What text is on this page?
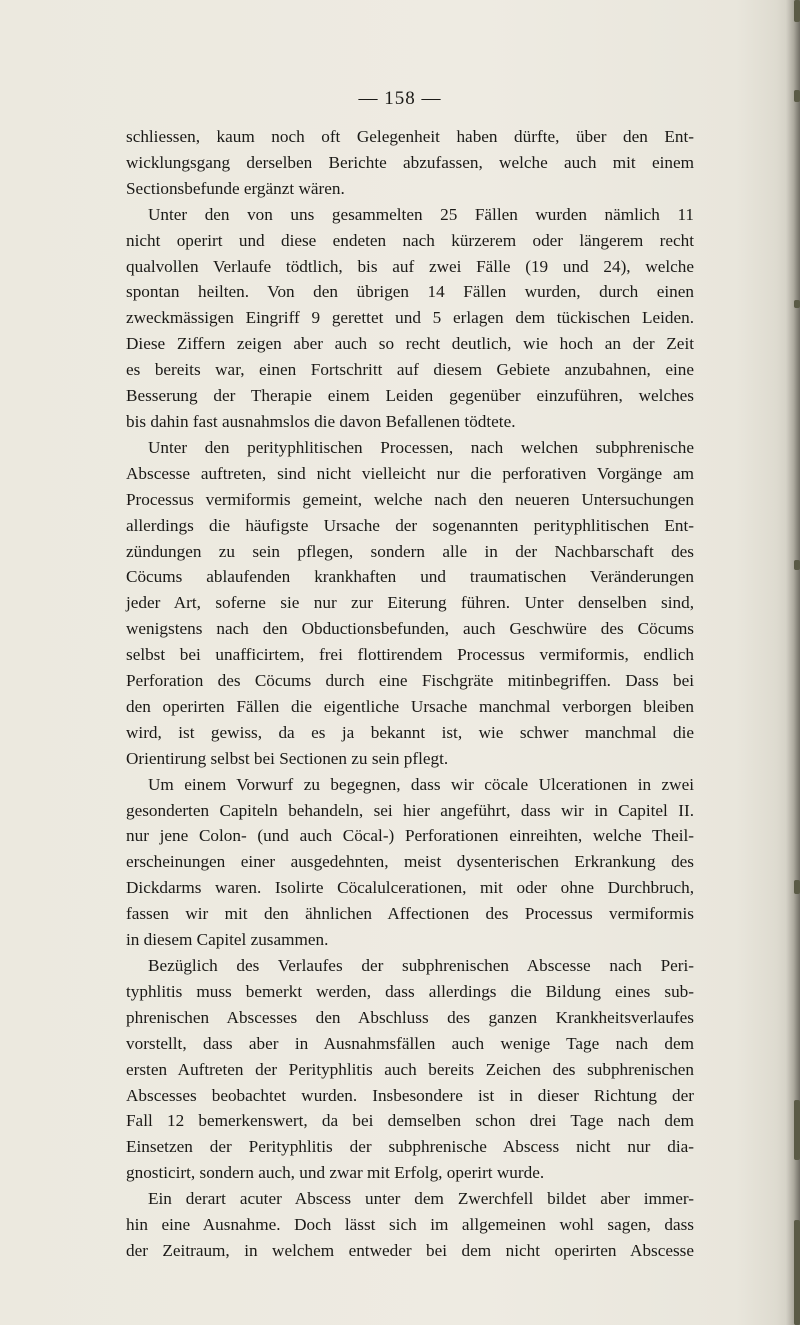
— 158 —

schliessen, kaum noch oft Gelegenheit haben dürfte, über den Ent-

wicklungsgang derselben Berichte abzufassen, welche auch mit einem

Sectionsbefunde ergänzt wären.

Unter den von uns gesammelten 25 Fällen wurden nämlich 11

nicht operirt und diese endeten nach kürzerem oder längerem recht

qualvollen Verlaufe tödtlich, bis auf zwei Fälle (19 und 24), welche

spontan heilten. Von den übrigen 14 Fällen wurden, durch einen

zweckmässigen Eingriff 9 gerettet und 5 erlagen dem tückischen Leiden.

Diese Ziffern zeigen aber auch so recht deutlich, wie hoch an der Zeit

es bereits war, einen Fortschritt auf diesem Gebiete anzubahnen, eine

Besserung der Therapie einem Leiden gegenüber einzuführen, welches

bis dahin fast ausnahmslos die davon Befallenen tödtete.

Unter den perityphlitischen Processen, nach welchen subphrenische

Abscesse auftreten, sind nicht vielleicht nur die perforativen Vorgänge am

Processus vermiformis gemeint, welche nach den neueren Untersuchungen

allerdings die häufigste Ursache der sogenannten perityphlitischen Ent-

zündungen zu sein pflegen, sondern alle in der Nachbarschaft des

Cöcums ablaufenden krankhaften und traumatischen Veränderungen

jeder Art, soferne sie nur zur Eiterung führen. Unter denselben sind,

wenigstens nach den Obductionsbefunden, auch Geschwüre des Cöcums

selbst bei unafficirtem, frei flottirendem Processus vermiformis, endlich

Perforation des Cöcums durch eine Fischgräte mitinbegriffen. Dass bei

den operirten Fällen die eigentliche Ursache manchmal verborgen bleiben

wird, ist gewiss, da es ja bekannt ist, wie schwer manchmal die

Orientirung selbst bei Sectionen zu sein pflegt.

Um einem Vorwurf zu begegnen, dass wir cöcale Ulcerationen in zwei

gesonderten Capiteln behandeln, sei hier angeführt, dass wir in Capitel II.

nur jene Colon- (und auch Cöcal-) Perforationen einreihten, welche Theil-

erscheinungen einer ausgedehnten, meist dysenterischen Erkrankung des

Dickdarms waren. Isolirte Cöcalulcerationen, mit oder ohne Durchbruch,

fassen wir mit den ähnlichen Affectionen des Processus vermiformis

in diesem Capitel zusammen.

Bezüglich des Verlaufes der subphrenischen Abscesse nach Peri-

typhlitis muss bemerkt werden, dass allerdings die Bildung eines sub-

phrenischen Abscesses den Abschluss des ganzen Krankheitsverlaufes

vorstellt, dass aber in Ausnahmsfällen auch wenige Tage nach dem

ersten Auftreten der Perityphlitis auch bereits Zeichen des subphrenischen

Abscesses beobachtet wurden. Insbesondere ist in dieser Richtung der

Fall 12 bemerkenswert, da bei demselben schon drei Tage nach dem

Einsetzen der Perityphlitis der subphrenische Abscess nicht nur dia-

gnosticirt, sondern auch, und zwar mit Erfolg, operirt wurde.

Ein derart acuter Abscess unter dem Zwerchfell bildet aber immer-

hin eine Ausnahme. Doch lässt sich im allgemeinen wohl sagen, dass

der Zeitraum, in welchem entweder bei dem nicht operirten Abscesse
